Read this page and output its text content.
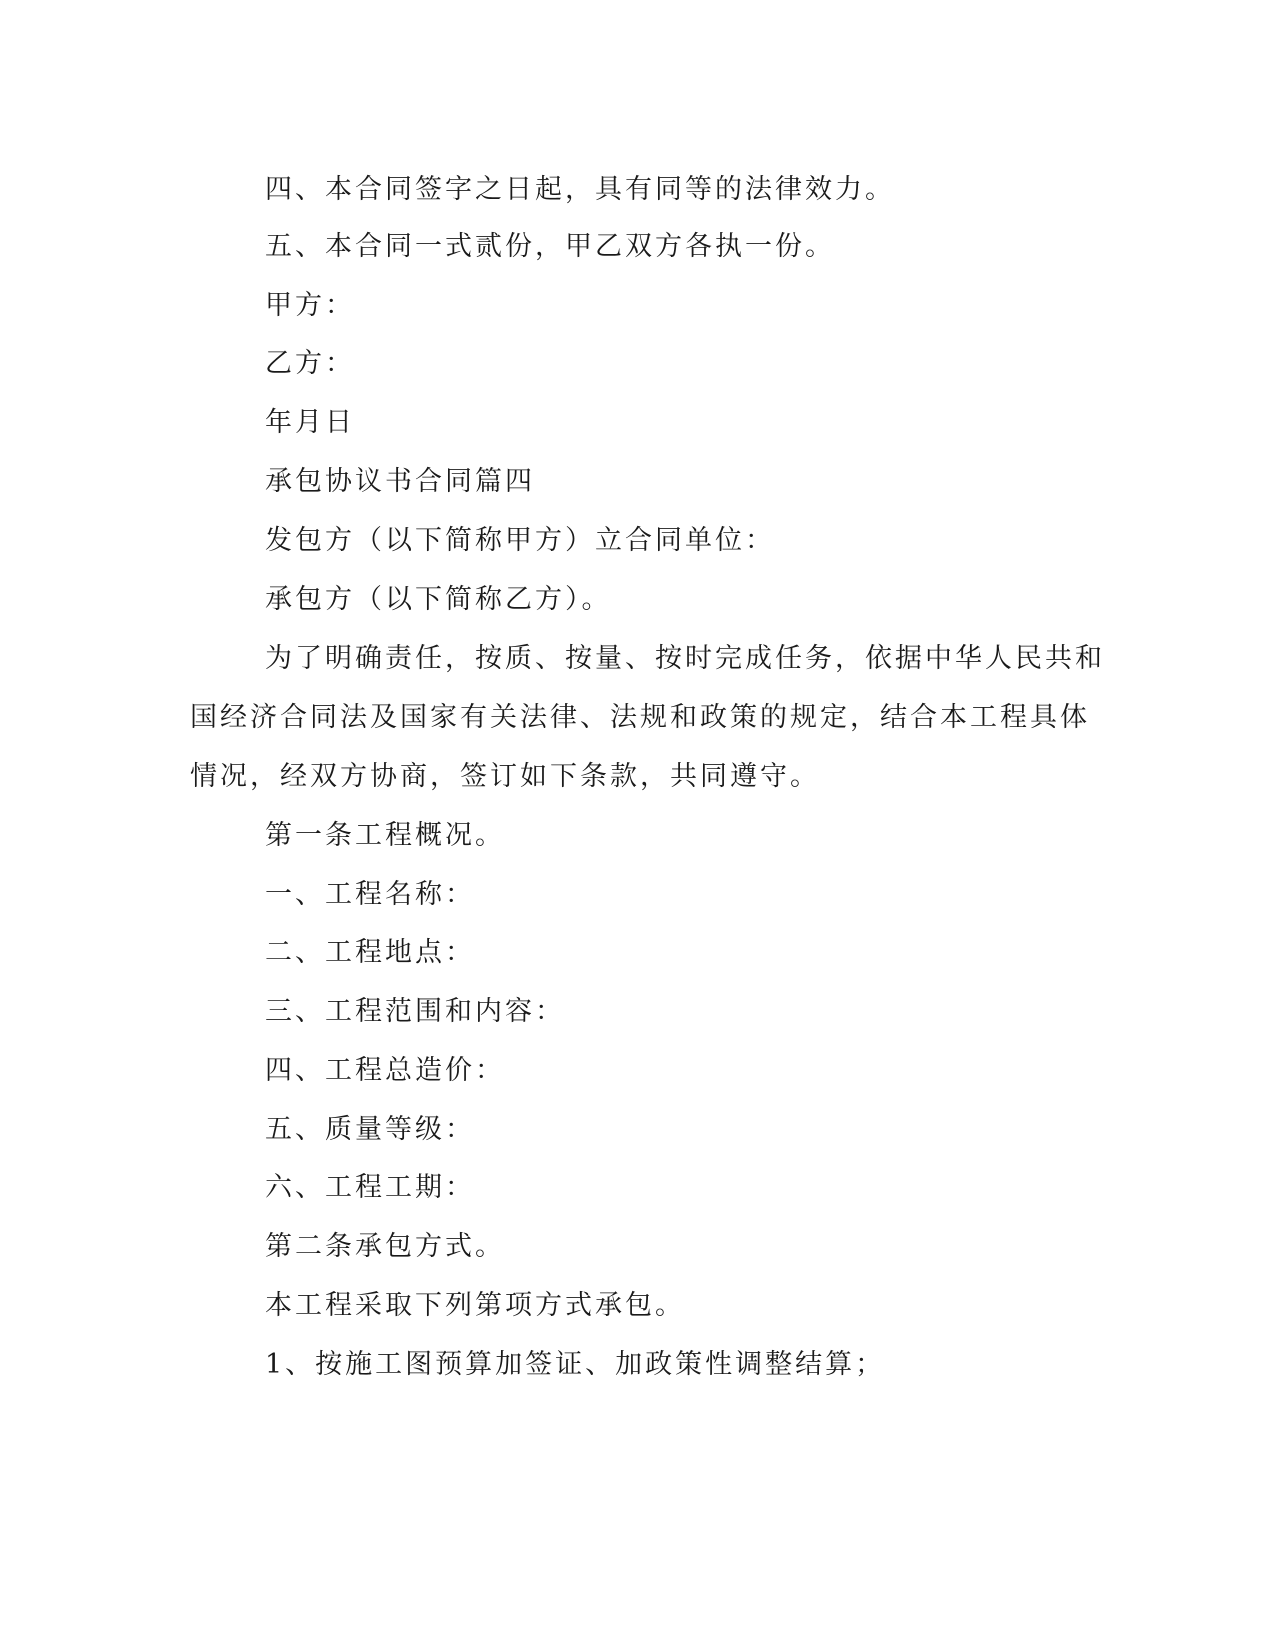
四、本合同签字之日起，具有同等的法律效力。
五、本合同一式贰份，甲乙双方各执一份。
甲方：
乙方：
年月日
承包协议书合同篇四
发包方（以下简称甲方）立合同单位：
承包方（以下简称乙方）。
为了明确责任，按质、按量、按时完成任务，依据中华人民共和
国经济合同法及国家有关法律、法规和政策的规定，结合本工程具体
情况，经双方协商，签订如下条款，共同遵守。
第一条工程概况。
一、工程名称：
二、工程地点：
三、工程范围和内容：
四、工程总造价：
五、质量等级：
六、工程工期：
第二条承包方式。
本工程采取下列第项方式承包。
1、按施工图预算加签证、加政策性调整结算；
